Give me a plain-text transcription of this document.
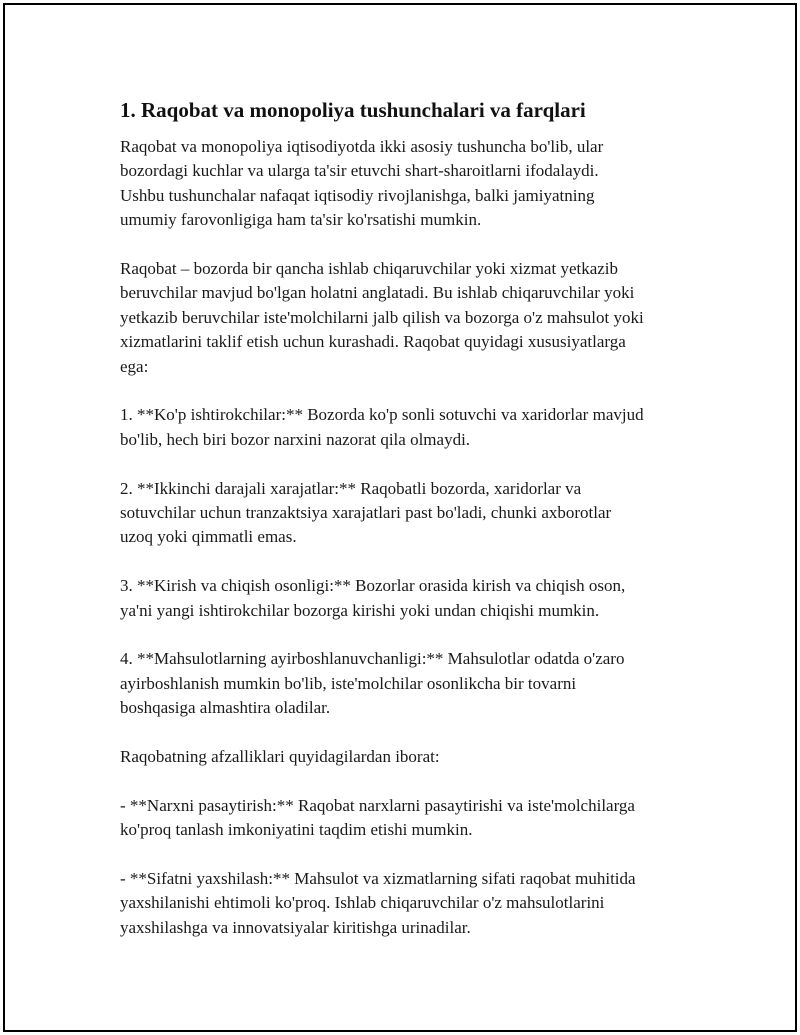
1. Raqobat va monopoliya tushunchalari va farqlari

Raqobat va monopoliya iqtisodiyotda ikki asosiy tushuncha bo'lib, ular
bozordagi kuchlar va ularga ta'sir etuvchi shart-sharoitlarni ifodalaydi.
Ushbu tushunchalar nafaqat iqtisodiy rivojlanishga, balki jamiyatning
umumiy farovonligiga ham ta'sir ko'rsatishi mumkin.

Raqobat – bozorda bir qancha ishlab chiqaruvchilar yoki xizmat yetkazib
beruvchilar mavjud bo'lgan holatni anglatadi. Bu ishlab chiqaruvchilar yoki
yetkazib beruvchilar iste'molchilarni jalb qilish va bozorga o'z mahsulot yoki
xizmatlarini taklif etish uchun kurashadi. Raqobat quyidagi xususiyatlarga
ega:

1. **Ko'p ishtirokchilar:** Bozorda ko'p sonli sotuvchi va xaridorlar mavjud
bo'lib, hech biri bozor narxini nazorat qila olmaydi.

2. **Ikkinchi darajali xarajatlar:** Raqobatli bozorda, xaridorlar va
sotuvchilar uchun tranzaktsiya xarajatlari past bo'ladi, chunki axborotlar
uzoq yoki qimmatli emas.

3. **Kirish va chiqish osonligi:** Bozorlar orasida kirish va chiqish oson,
ya'ni yangi ishtirokchilar bozorga kirishi yoki undan chiqishi mumkin.

4. **Mahsulotlarning ayirboshlanuvchanligi:** Mahsulotlar odatda o'zaro
ayirboshlanish mumkin bo'lib, iste'molchilar osonlikcha bir tovarni
boshqasiga almashtira oladilar.

Raqobatning afzalliklari quyidagilardan iborat:

- **Narxni pasaytirish:** Raqobat narxlarni pasaytirishi va iste'molchilarga
ko'proq tanlash imkoniyatini taqdim etishi mumkin.

- **Sifatni yaxshilash:** Mahsulot va xizmatlarning sifati raqobat muhitida
yaxshilanishi ehtimoli ko'proq. Ishlab chiqaruvchilar o'z mahsulotlarini
yaxshilashga va innovatsiyalar kiritishga urinadilar.
